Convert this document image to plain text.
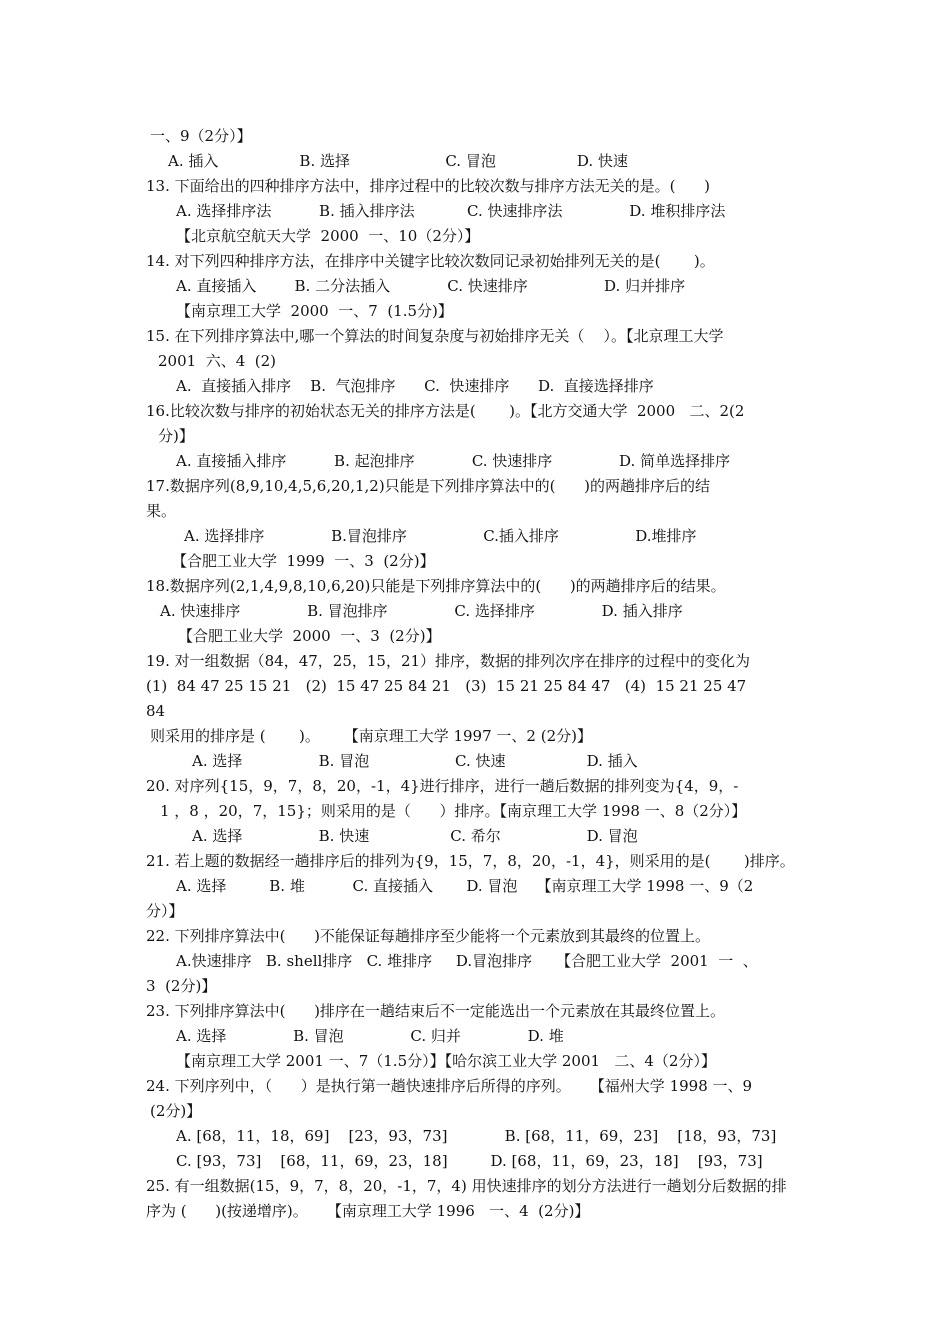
一、9（2分）】
A. 插入                 B. 选择                    C. 冒泡                 D. 快速
13. 下面给出的四种排序方法中，排序过程中的比较次数与排序方法无关的是。(      )
A. 选择排序法          B. 插入排序法           C. 快速排序法              D. 堆积排序法
【北京航空航天大学  2000  一、10（2分）】
14. 对下列四种排序方法，在排序中关键字比较次数同记录初始排列无关的是(       )。
A. 直接插入        B. 二分法插入            C. 快速排序                D. 归并排序
【南京理工大学  2000  一、7  (1.5分)】
15. 在下列排序算法中,哪一个算法的时间复杂度与初始排序无关（    ）。【北京理工大学
2001  六、4  (2)
A.  直接插入排序    B.  气泡排序      C.  快速排序      D.  直接选择排序
16.比较次数与排序的初始状态无关的排序方法是(       )。【北方交通大学  2000   二、2(2
分)】
A. 直接插入排序          B. 起泡排序            C. 快速排序              D. 简单选择排序
17.数据序列(8,9,10,4,5,6,20,1,2)只能是下列排序算法中的(      )的两趟排序后的结
果。
A. 选择排序              B.冒泡排序                C.插入排序                D.堆排序
【合肥工业大学  1999  一、3  (2分)】
18.数据序列(2,1,4,9,8,10,6,20)只能是下列排序算法中的(      )的两趟排序后的结果。
A. 快速排序              B. 冒泡排序              C. 选择排序              D. 插入排序
【合肥工业大学  2000  一、3  (2分)】
19. 对一组数据（84，47，25，15，21）排序，数据的排列次序在排序的过程中的变化为
(1)  84 47 25 15 21   (2)  15 47 25 84 21   (3)  15 21 25 84 47   (4)  15 21 25 47
84
则采用的排序是 (       )。     【南京理工大学 1997 一、2 (2分)】
A. 选择                B. 冒泡                  C. 快速                 D. 插入
20. 对序列{15，9，7，8，20，-1，4}进行排序，进行一趟后数据的排列变为{4，9，-
1 ，8 ，20，7，15}；则采用的是（      ）排序。【南京理工大学 1998 一、8（2分）】
A. 选择                B. 快速                 C. 希尔                  D. 冒泡
21. 若上题的数据经一趟排序后的排列为{9，15，7，8，20，-1，4}，则采用的是(       )排序。
A. 选择         B. 堆          C. 直接插入       D. 冒泡    【南京理工大学 1998 一、9（2
分）】
22. 下列排序算法中(      )不能保证每趟排序至少能将一个元素放到其最终的位置上。
A.快速排序   B. shell排序   C. 堆排序     D.冒泡排序     【合肥工业大学  2001  一  、
3  (2分)】
23. 下列排序算法中(      )排序在一趟结束后不一定能选出一个元素放在其最终位置上。
A. 选择              B. 冒泡              C. 归并              D. 堆
【南京理工大学 2001 一、7（1.5分）】【哈尔滨工业大学 2001   二、4（2分）】
24. 下列序列中，（      ）是执行第一趟快速排序后所得的序列。    【福州大学 1998 一、9
(2分)】
A. [68，11，18，69]    [23，93，73]            B. [68，11，69，23]    [18，93，73]
C. [93，73]    [68，11，69，23，18]         D. [68，11，69，23，18]    [93，73]
25. 有一组数据(15，9，7，8，20，-1，7，4) 用快速排序的划分方法进行一趟划分后数据的排
序为 (      )(按递增序)。    【南京理工大学 1996   一、4  (2分)】
